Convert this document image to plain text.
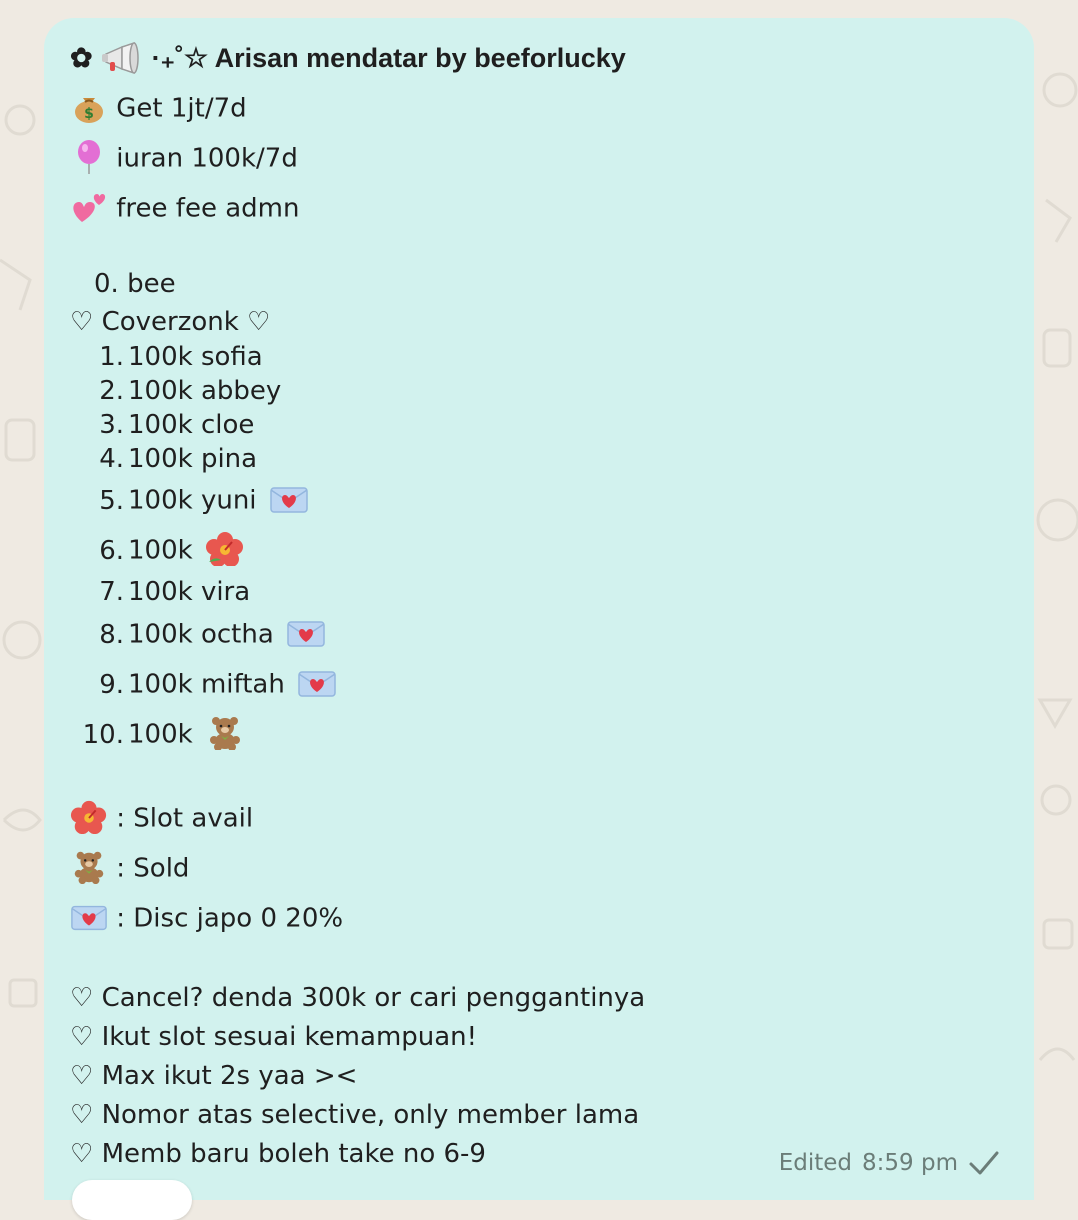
✿ ·₊˚☆ Arisan mendatar by beeforlucky
$ Get 1jt/7d
iuran 100k/7d
free fee admn
0. bee
♡ Coverzonk ♡
1. 100k sofia
2. 100k abbey
3. 100k cloe
4. 100k pina
5. 100k yuni
6. 100k
7. 100k vira
8. 100k octha
9. 100k miftah
10. 100k
: Slot avail
: Sold
: Disc japo 0 20%
♡ Cancel? denda 300k or cari penggantinya
♡ Ikut slot sesuai kemampuan!
♡ Max ikut 2s yaa ><
♡ Nomor atas selective, only member lama
♡ Memb baru boleh take no 6-9	Edited 8:59 pm
